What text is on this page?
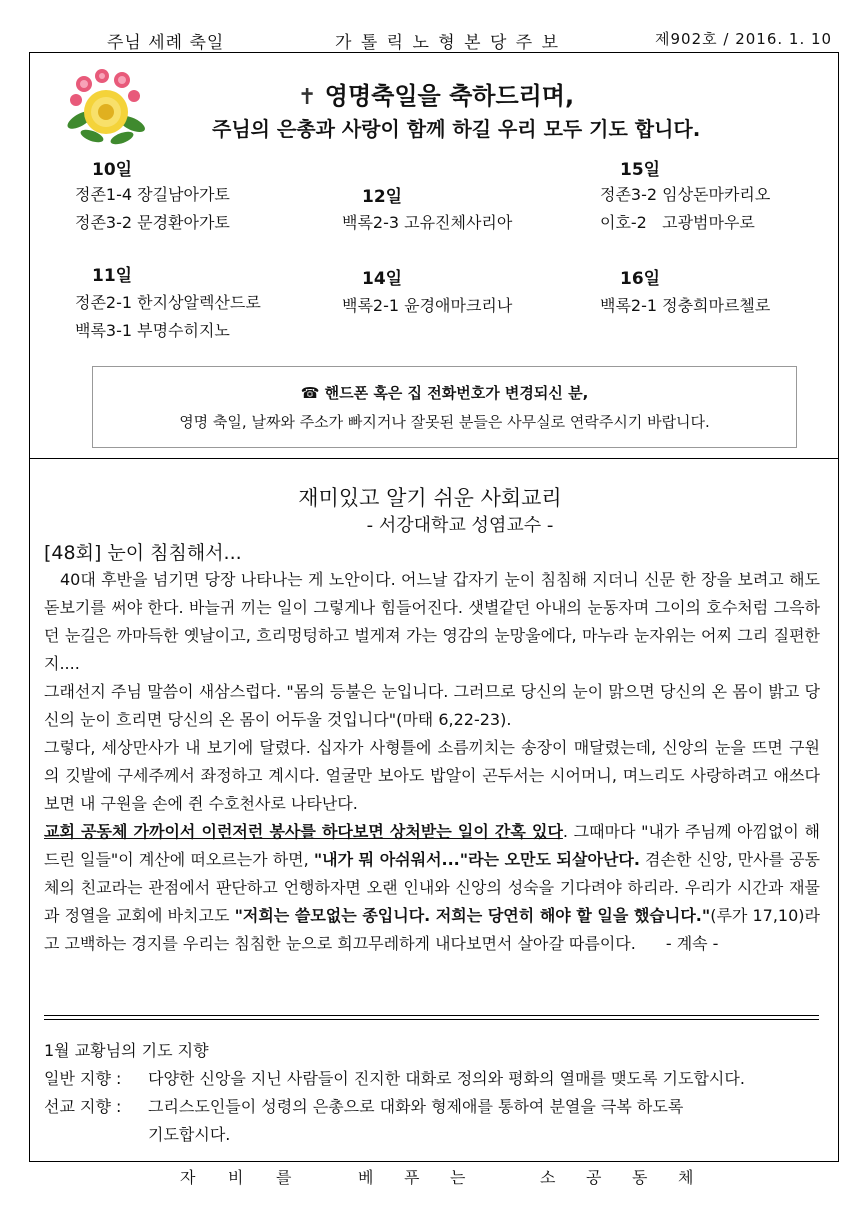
주님 세례 축일	가 톨 릭 노 형 본 당 주 보	제902호 / 2016. 1. 10
✝ 영명축일을 축하드리며,
주님의 은총과 사랑이 함께 하길 우리 모두 기도 합니다.
10일
정존1-4 장길남아가토
정존3-2 문경환아가토
12일
백록2-3 고유진체사리아
15일
정존3-2 임상돈마카리오
이호-2   고광범마우로
11일
정존2-1 한지상알렉산드로
백록3-1 부명수히지노
14일
백록2-1 윤경애마크리나
16일
백록2-1 정충희마르첼로
☎ 핸드폰 혹은 집 전화번호가 변경되신 분,
영명 축일, 날짜와 주소가 빠지거나 잘못된 분들은 사무실로 연락주시기 바랍니다.
재미있고 알기 쉬운 사회교리
- 서강대학교 성염교수 -
[48회] 눈이 침침해서...
40대 후반을 넘기면 당장 나타나는 게 노안이다. 어느날 갑자기 눈이 침침해 지더니 신문 한 장을 보려고 해도 돋보기를 써야 한다. 바늘귀 끼는 일이 그렇게나 힘들어진다. 샛별같던 아내의 눈동자며 그이의 호수처럼 그윽하던 눈길은 까마득한 옛날이고, 흐리멍텅하고 벌게져 가는 영감의 눈망울에다, 마누라 눈자위는 어찌 그리 질편한지....
그래선지 주님 말씀이 새삼스럽다. "몸의 등불은 눈입니다. 그러므로 당신의 눈이 맑으면 당신의 온 몸이 밝고 당신의 눈이 흐리면 당신의 온 몸이 어두울 것입니다"(마태 6,22-23).
그렇다, 세상만사가 내 보기에 달렸다. 십자가 사형틀에 소름끼치는 송장이 매달렸는데, 신앙의 눈을 뜨면 구원의 깃발에 구세주께서 좌정하고 계시다. 얼굴만 보아도 밥알이 곤두서는 시어머니, 며느리도 사랑하려고 애쓰다 보면 내 구원을 손에 쥔 수호천사로 나타난다.
교회 공동체 가까이서 이런저런 봉사를 하다보면 상처받는 일이 간혹 있다. 그때마다 "내가 주님께 아낌없이 해드린 일들"이 계산에 떠오르는가 하면, "내가 뭐 아쉬워서..."라는 오만도 되살아난다. 겸손한 신앙, 만사를 공동체의 친교라는 관점에서 판단하고 언행하자면 오랜 인내와 신앙의 성숙을 기다려야 하리라. 우리가 시간과 재물과 정열을 교회에 바치고도 "저희는 쓸모없는 종입니다. 저희는 당연히 해야 할 일을 했습니다."(루가 17,10)라고 고백하는 경지를 우리는 침침한 눈으로 희끄무레하게 내다보면서 살아갈 따름이다. - 계속 -
1월 교황님의 기도 지향
일반 지향 : 다양한 신앙을 지닌 사람들이 진지한 대화로 정의와 평화의 열매를 맺도록 기도합시다.
선교 지향 : 그리스도인들이 성령의 은총으로 대화와 형제애를 통하여 분열을 극복 하도록
기도합시다.
자 비 를	베 푸 는	소 공 동 체
